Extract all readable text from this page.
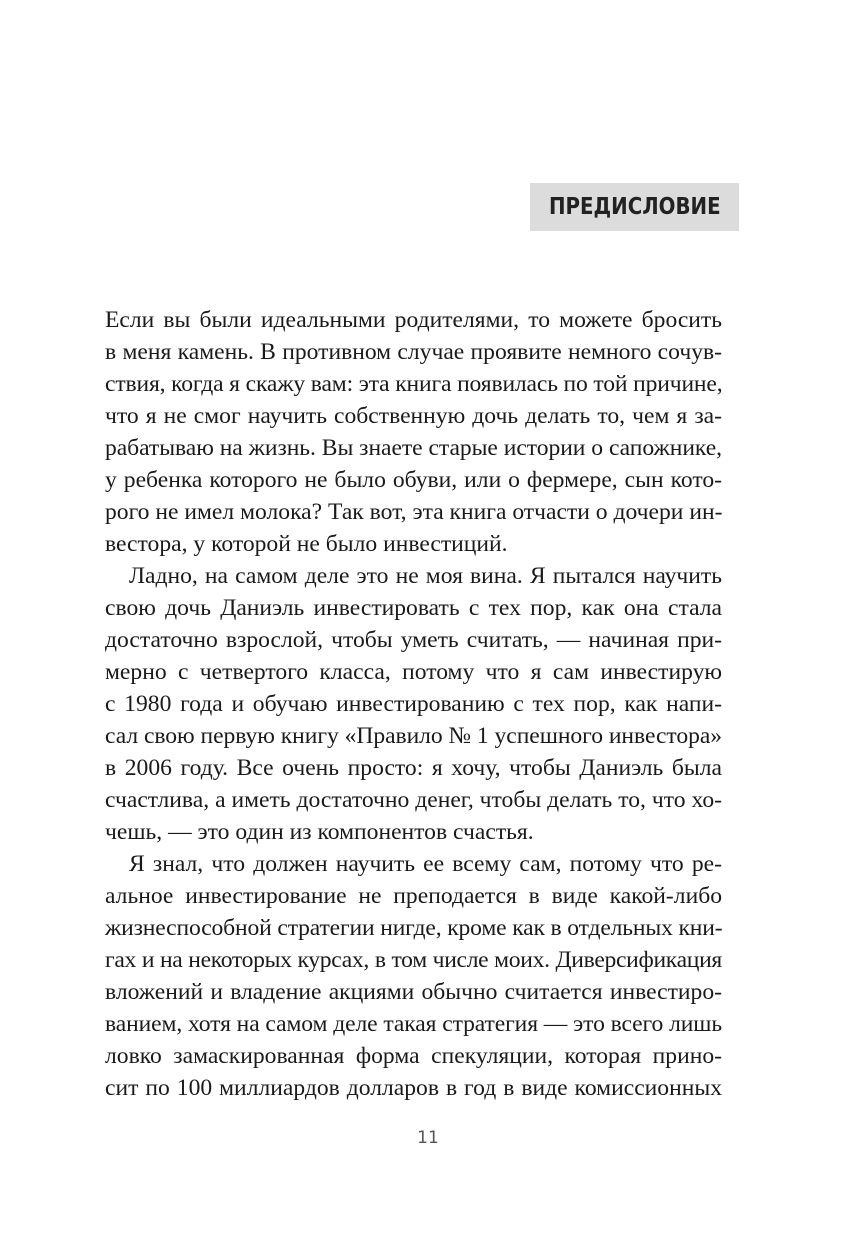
ПРЕДИСЛОВИЕ
Если вы были идеальными родителями, то можете бросить
в меня камень. В противном случае проявите немного сочув-
ствия, когда я скажу вам: эта книга появилась по той причине,
что я не смог научить собственную дочь делать то, чем я за-
рабатываю на жизнь. Вы знаете старые истории о сапожнике,
у ребенка которого не было обуви, или о фермере, сын кото-
рого не имел молока? Так вот, эта книга отчасти о дочери ин-
вестора, у которой не было инвестиций.
Ладно, на самом деле это не моя вина. Я пытался научить
свою дочь Даниэль инвестировать с тех пор, как она стала
достаточно взрослой, чтобы уметь считать, — начиная при-
мерно с четвертого класса, потому что я сам инвестирую
с 1980 года и обучаю инвестированию с тех пор, как напи-
сал свою первую книгу «Правило № 1 успешного инвестора»
в 2006 году. Все очень просто: я хочу, чтобы Даниэль была
счастлива, а иметь достаточно денег, чтобы делать то, что хо-
чешь, — это один из компонентов счастья.
Я знал, что должен научить ее всему сам, потому что ре-
альное инвестирование не преподается в виде какой-либо
жизнеспособной стратегии нигде, кроме как в отдельных кни-
гах и на некоторых курсах, в том числе моих. Диверсификация
вложений и владение акциями обычно считается инвестиро-
ванием, хотя на самом деле такая стратегия — это всего лишь
ловко замаскированная форма спекуляции, которая прино-
сит по 100 миллиардов долларов в год в виде комиссионных
11
